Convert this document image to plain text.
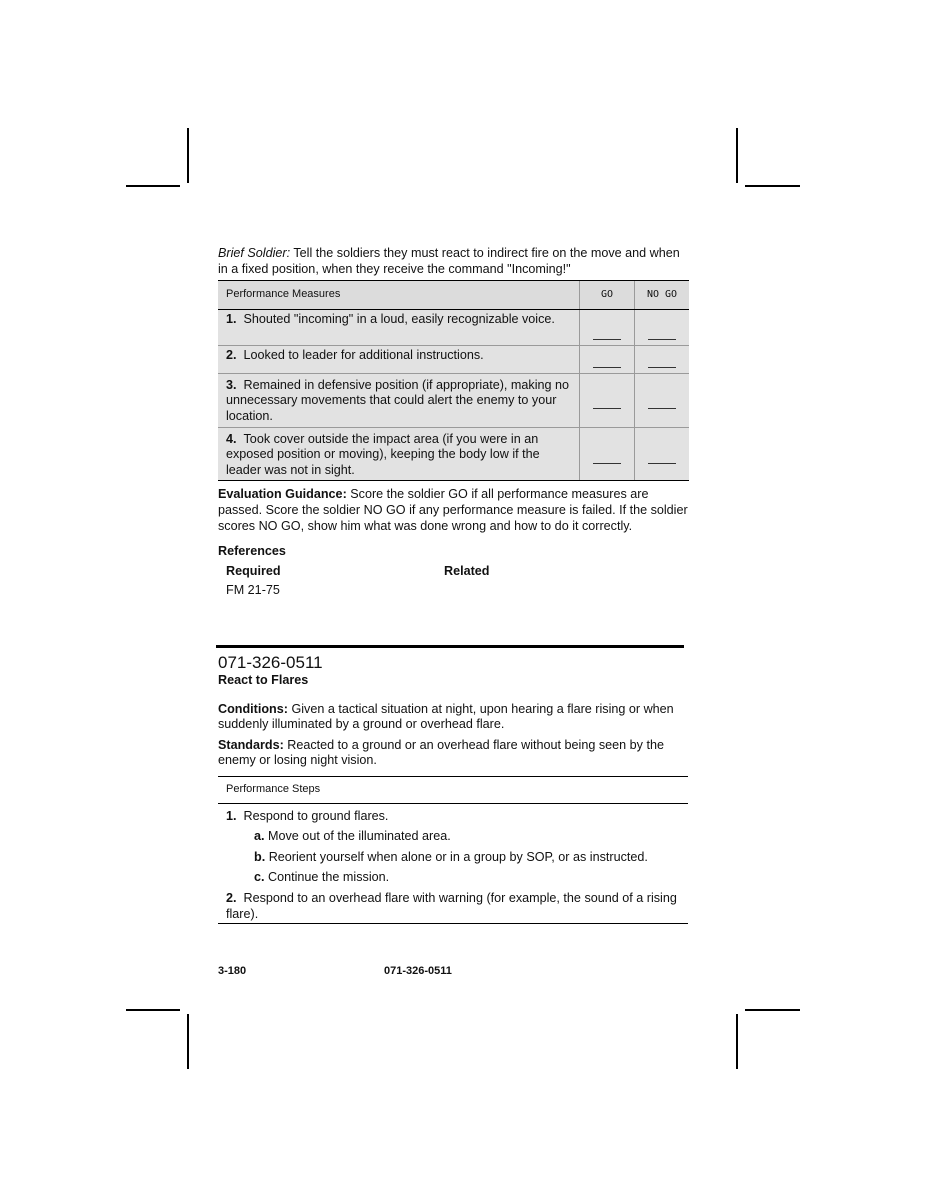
Brief Soldier: Tell the soldiers they must react to indirect fire on the move and when in a fixed position, when they receive the command "Incoming!"

Performance Measures	GO	NO GO
1. Shouted "incoming" in a loud, easily recognizable voice.	

2. Looked to leader for additional instructions.	

3. Remained in defensive position (if appropriate), making no unnecessary movements that could alert the enemy to your location.	

4. Took cover outside the impact area (if you were in an exposed position or moving), keeping the body low if the leader was not in sight.	

Evaluation Guidance: Score the soldier GO if all performance measures are passed. Score the soldier NO GO if any performance measure is failed. If the soldier scores NO GO, show him what was done wrong and how to do it correctly.

References
Required	Related
FM 21-75
071-326-0511
React to Flares

Conditions: Given a tactical situation at night, upon hearing a flare rising or when suddenly illuminated by a ground or overhead flare.

Standards: Reacted to a ground or an overhead flare without being seen by the enemy or losing night vision.

Performance Steps

1. Respond to ground flares.

a. Move out of the illuminated area.

b. Reorient yourself when alone or in a group by SOP, or as instructed.

c. Continue the mission.

2. Respond to an overhead flare with warning (for example, the sound of a rising flare).

3-180	071-326-0511
